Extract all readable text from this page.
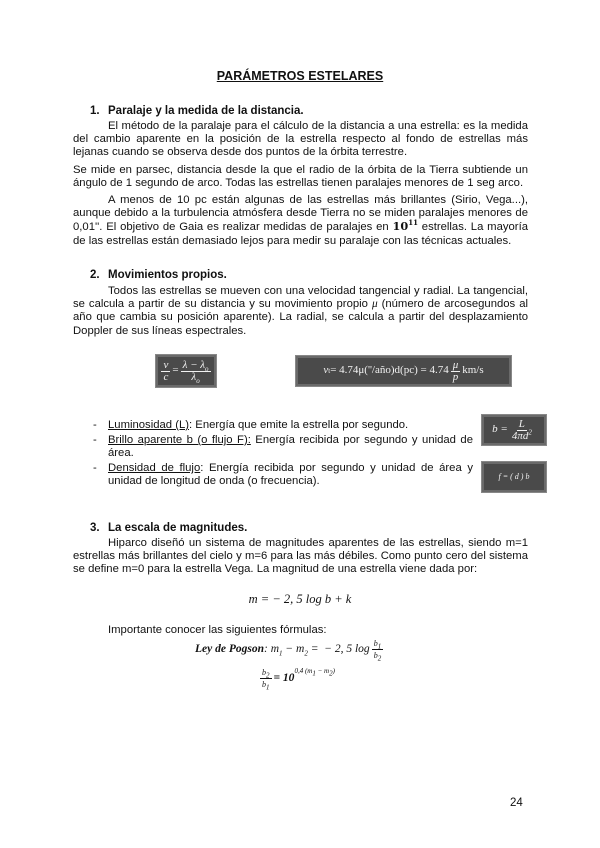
PARÁMETROS ESTELARES
1. Paralaje y la medida de la distancia.
El método de la paralaje para el cálculo de la distancia a una estrella: es la medida del cambio aparente en la posición de la estrella respecto al fondo de estrellas más lejanas cuando se observa desde dos puntos de la órbita terrestre.
Se mide en parsec, distancia desde la que el radio de la órbita de la Tierra subtiende un ángulo de 1 segundo de arco. Todas las estrellas tienen paralajes menores de 1 seg arco.
A menos de 10 pc están algunas de las estrellas más brillantes (Sirio, Vega...), aunque debido a la turbulencia atmósfera desde Tierra no se miden paralajes menores de 0,01''. El objetivo de Gaia es realizar medidas de paralajes en $10^{11}$ estrellas. La mayoría de las estrellas están demasiado lejos para medir su paralaje con las técnicas actuales.
2. Movimientos propios.
Todos las estrellas se mueven con una velocidad tangencial y radial. La tangencial, se calcula a partir de su distancia y su movimiento propio μ (número de arcosegundos al año que cambia su posición aparente). La radial, se calcula a partir del desplazamiento Doppler de sus líneas espectrales.
$\frac{v}{c} = \frac{\lambda - \lambda_o}{\lambda_o}$	v t = 4.74μ(''/año)d(pc) = $4.74 \frac{\mu}{p} km/s$
- Luminosidad (L): Energía que emite la estrella por segundo.
- Brillo aparente b (o flujo F): Energía recibida por segundo y unidad de área.
- Densidad de flujo: Energía recibida por segundo y unidad de área y unidad de longitud de onda (o frecuencia).
$b = \frac{L}{4\pi d^2}$
f = ( d ) b
3. La escala de magnitudes.
Hiparco diseñó un sistema de magnitudes aparentes de las estrellas, siendo m=1 estrellas más brillantes del cielo y m=6 para las más débiles. Como punto cero del sistema se define m=0 para la estrella Vega. La magnitud de una estrella viene dada por:
m = − 2, 5 log b + k
Importante conocer las siguientes fórmulas:
Ley de Pogson : $m_1 - m_2$ =  − 2, 5 $\log \frac{b_1}{b_2}$
$\frac{b_2}{b_1} = 10$
0,4 $(m_1 - m_2)$
24
